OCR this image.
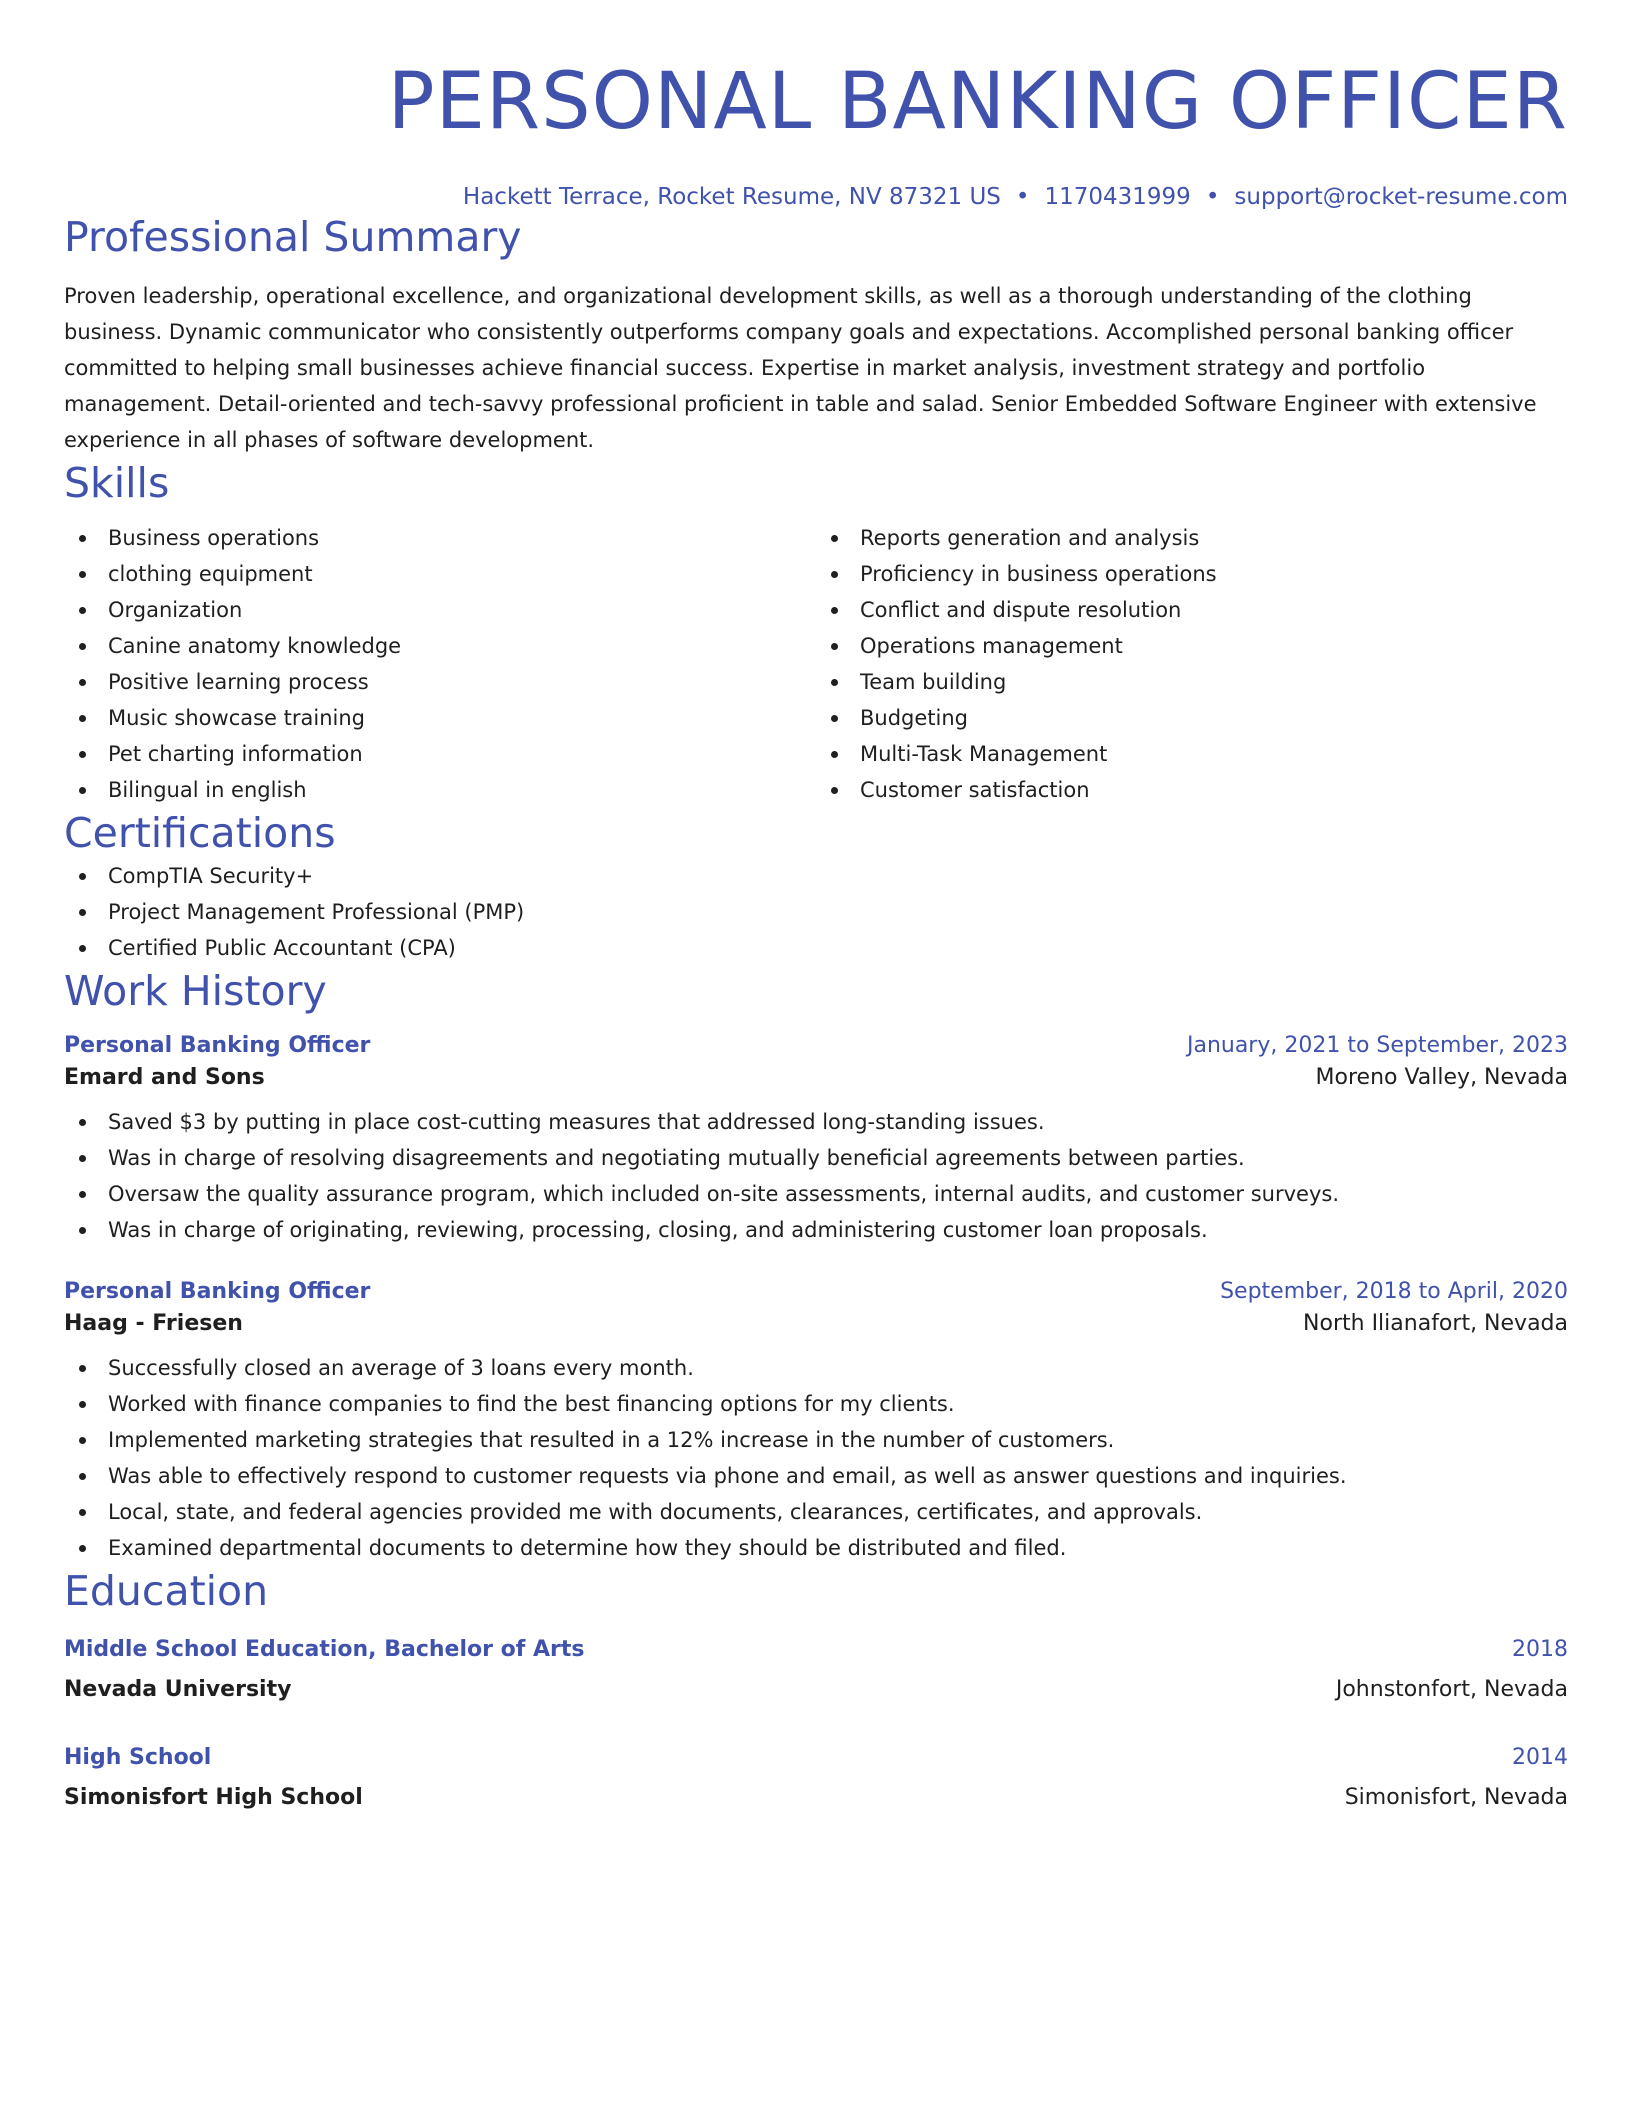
PERSONAL BANKING OFFICER
Hackett Terrace, Rocket Resume, NV 87321 US • 1170431999 • support@rocket-resume.com
Professional Summary

Proven leadership, operational excellence, and organizational development skills, as well as a thorough understanding of the clothing business. Dynamic communicator who consistently outperforms company goals and expectations. Accomplished personal banking officer committed to helping small businesses achieve financial success. Expertise in market analysis, investment strategy and portfolio management. Detail-oriented and tech-savvy professional proficient in table and salad. Senior Embedded Software Engineer with extensive experience in all phases of software development.

Skills
Business operations
clothing equipment
Organization
Canine anatomy knowledge
Positive learning process
Music showcase training
Pet charting information
Bilingual in english
Reports generation and analysis
Proficiency in business operations
Conflict and dispute resolution
Operations management
Team building
Budgeting
Multi-Task Management
Customer satisfaction
Certifications
CompTIA Security+
Project Management Professional (PMP)
Certified Public Accountant (CPA)
Work History
Personal Banking Officer	January, 2021 to September, 2023
Emard and Sons	Moreno Valley, Nevada
Saved $3 by putting in place cost-cutting measures that addressed long-standing issues.
Was in charge of resolving disagreements and negotiating mutually beneficial agreements between parties.
Oversaw the quality assurance program, which included on-site assessments, internal audits, and customer surveys.
Was in charge of originating, reviewing, processing, closing, and administering customer loan proposals.
Personal Banking Officer	September, 2018 to April, 2020
Haag - Friesen	North Ilianafort, Nevada
Successfully closed an average of 3 loans every month.
Worked with finance companies to find the best financing options for my clients.
Implemented marketing strategies that resulted in a 12% increase in the number of customers.
Was able to effectively respond to customer requests via phone and email, as well as answer questions and inquiries.
Local, state, and federal agencies provided me with documents, clearances, certificates, and approvals.
Examined departmental documents to determine how they should be distributed and filed.
Education
Middle School Education, Bachelor of Arts	2018
Nevada University	Johnstonfort, Nevada
High School	2014
Simonisfort High School	Simonisfort, Nevada
